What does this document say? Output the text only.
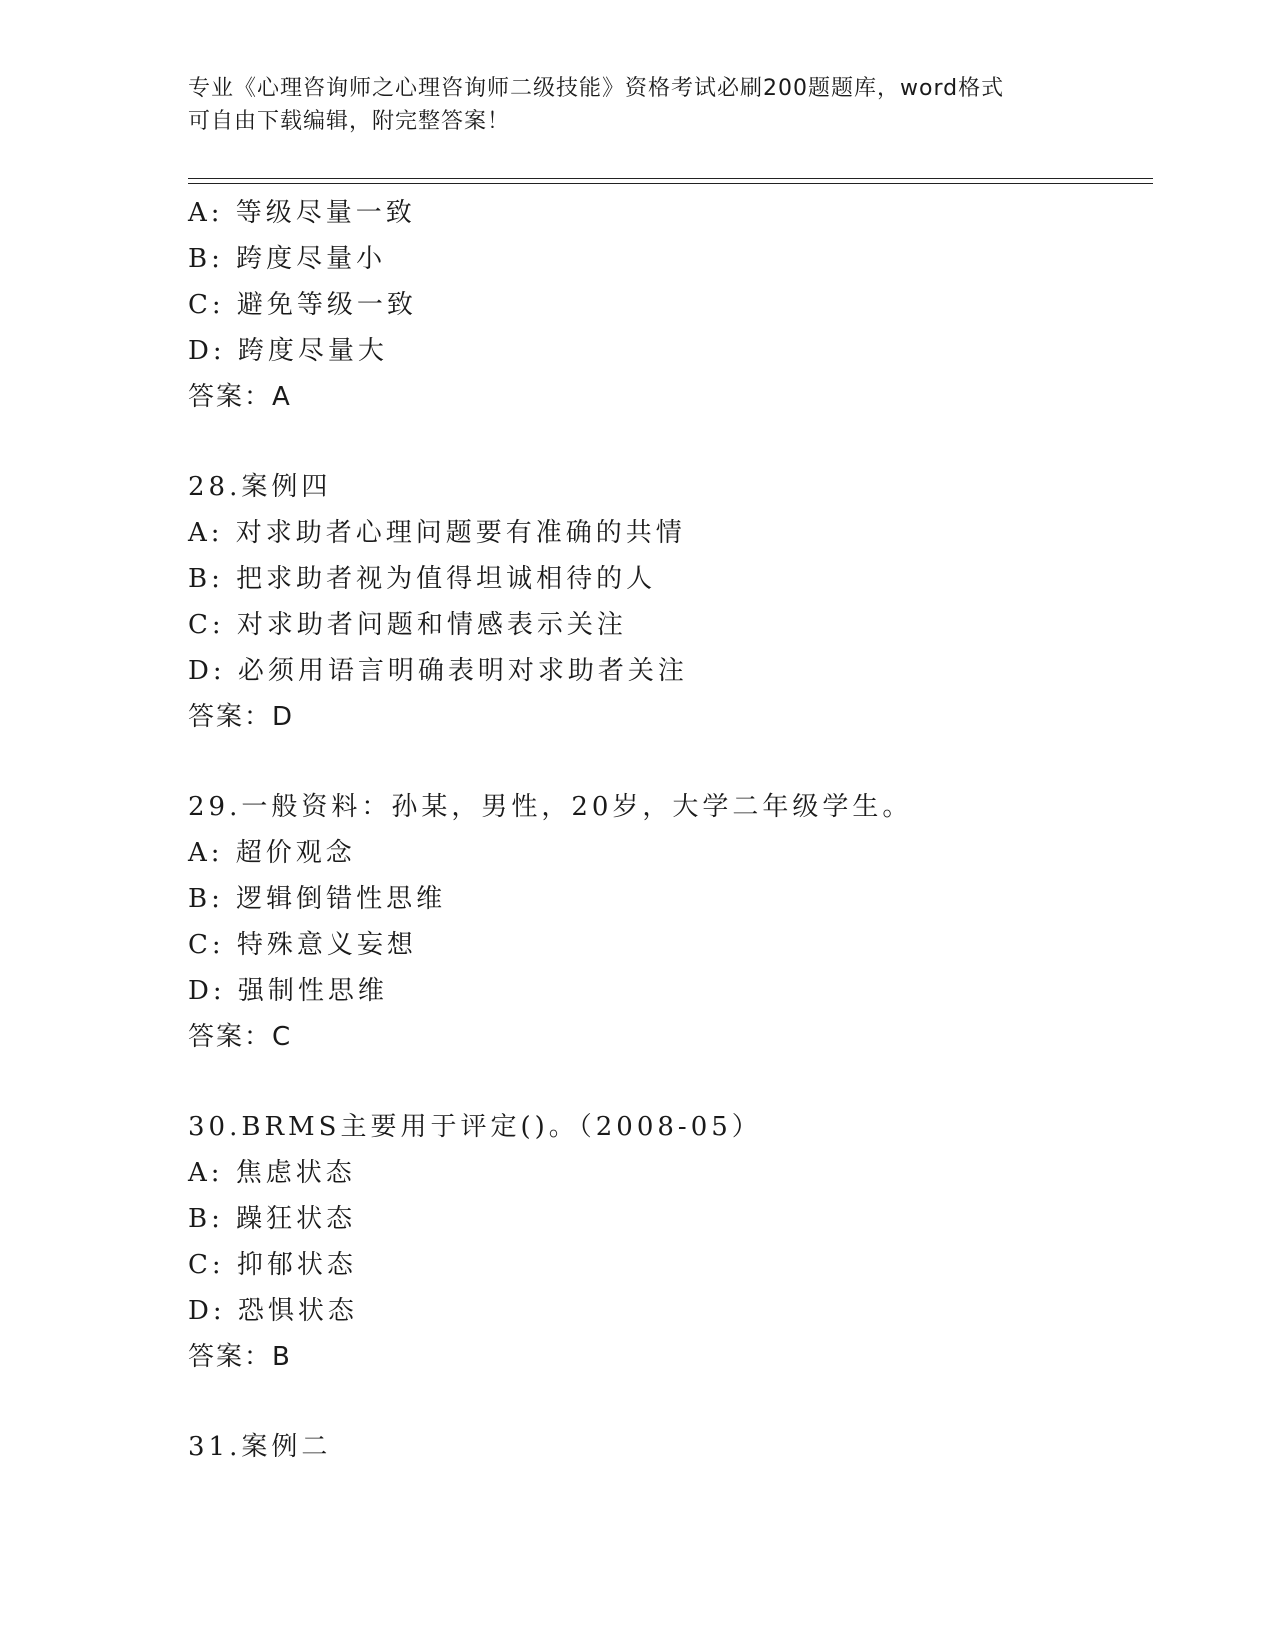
专业《心理咨询师之心理咨询师二级技能》资格考试必刷200题题库，word格式
可自由下载编辑，附完整答案！
A: 等级尽量一致
B: 跨度尽量小
C: 避免等级一致
D: 跨度尽量大
答案：A
28.案例四
A: 对求助者心理问题要有准确的共情
B: 把求助者视为值得坦诚相待的人
C: 对求助者问题和情感表示关注
D: 必须用语言明确表明对求助者关注
答案：D
29.一般资料：孙某，男性，20岁，大学二年级学生。
A: 超价观念
B: 逻辑倒错性思维
C: 特殊意义妄想
D: 强制性思维
答案：C
30.BRMS主要用于评定()。（2008-05）
A: 焦虑状态
B: 躁狂状态
C: 抑郁状态
D: 恐惧状态
答案：B
31.案例二
